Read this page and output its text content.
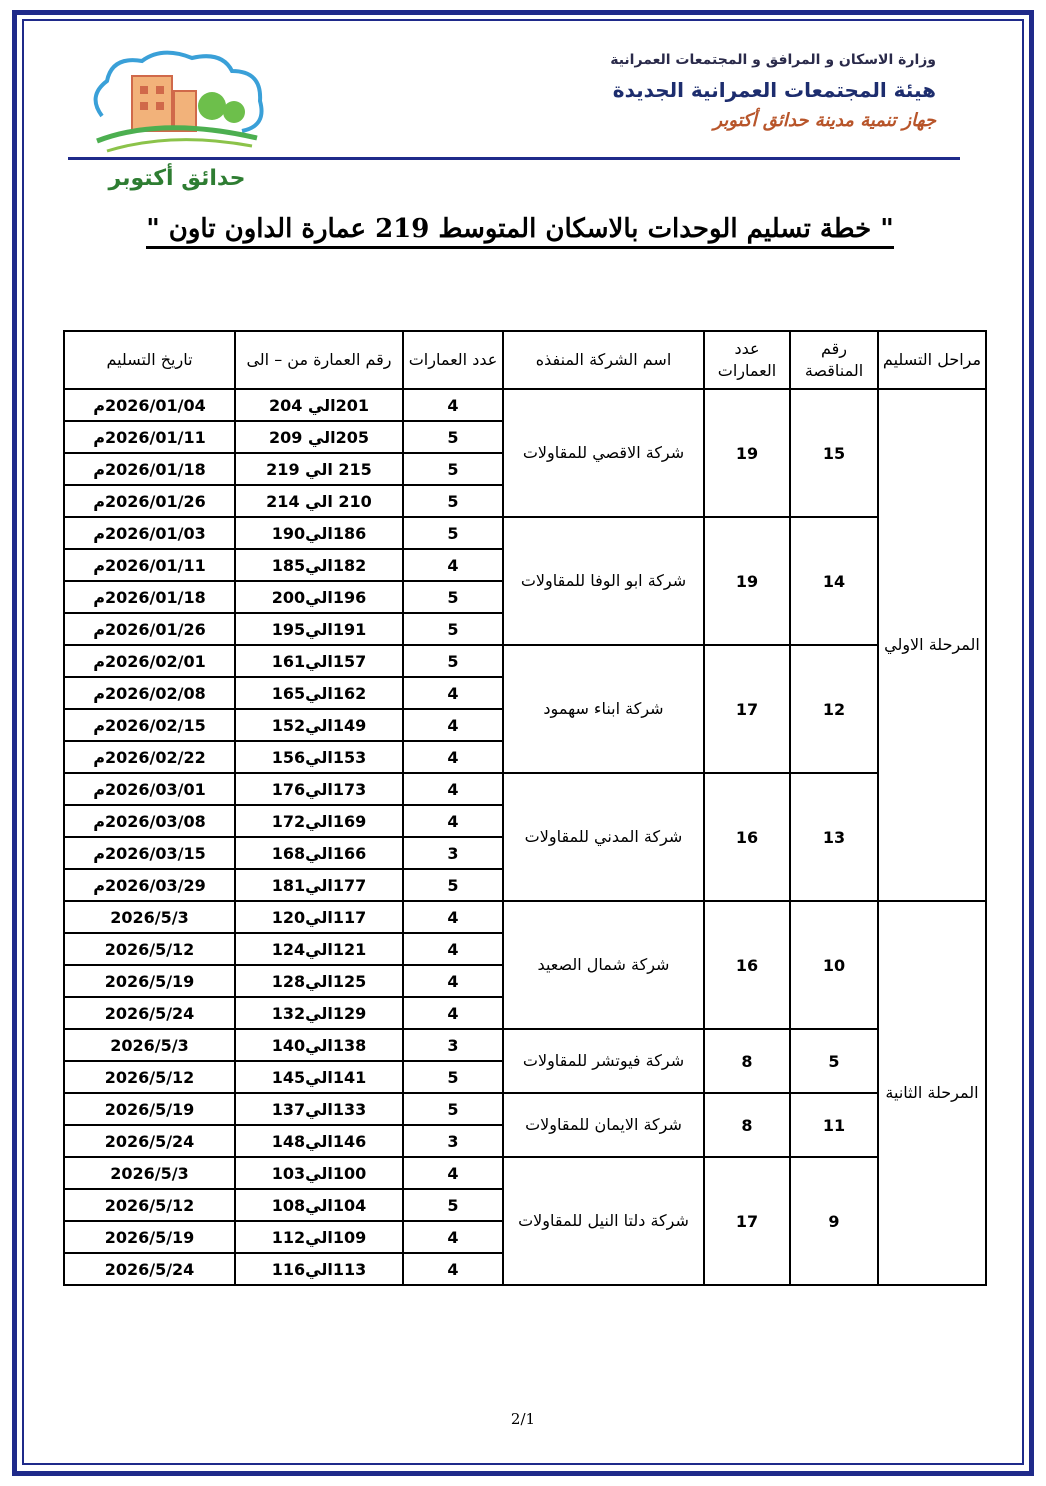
حدائق أكتوبر
وزارة الاسكان و المرافق و المجتمعات العمرانية
هيئة المجتمعات العمرانية الجديدة
جهاز تنمية مدينة حدائق أكتوبر
" خطة تسليم الوحدات بالاسكان المتوسط 219 عمارة الداون تاون "
مراحل التسليم	رقم المناقصة	عدد العمارات	اسم الشركة المنفذه	عدد العمارات	رقم العمارة من – الى	تاريخ التسليم
المرحلة الاولي	15	19	شركة الاقصي للمقاولات	4	201الي 204	2026/01/04م
				5	205الي 209	2026/01/11م
				5	215 الي 219	2026/01/18م
				5	210 الي 214	2026/01/26م
	14	19	شركة ابو الوفا للمقاولات	5	186الي190	2026/01/03م
				4	182الي185	2026/01/11م
				5	196الي200	2026/01/18م
				5	191الي195	2026/01/26م
	12	17	شركة ابناء سهمود	5	157الي161	2026/02/01م
				4	162الي165	2026/02/08م
				4	149الي152	2026/02/15م
				4	153الي156	2026/02/22م
	13	16	شركة المدني للمقاولات	4	173الي176	2026/03/01م
				4	169الي172	2026/03/08م
				3	166الي168	2026/03/15م
				5	177الي181	2026/03/29م
المرحلة الثانية	10	16	شركة شمال الصعيد	4	117الي120	2026/5/3
				4	121الي124	2026/5/12
				4	125الي128	2026/5/19
				4	129الي132	2026/5/24
	5	8	شركة فيوتشر للمقاولات	3	138الي140	2026/5/3
				5	141الي145	2026/5/12
	11	8	شركة الايمان للمقاولات	5	133الي137	2026/5/19
				3	146الي148	2026/5/24
	9	17	شركة دلتا النيل للمقاولات	4	100الي103	2026/5/3
				5	104الي108	2026/5/12
				4	109الي112	2026/5/19
				4	113الي116	2026/5/24
2/1
